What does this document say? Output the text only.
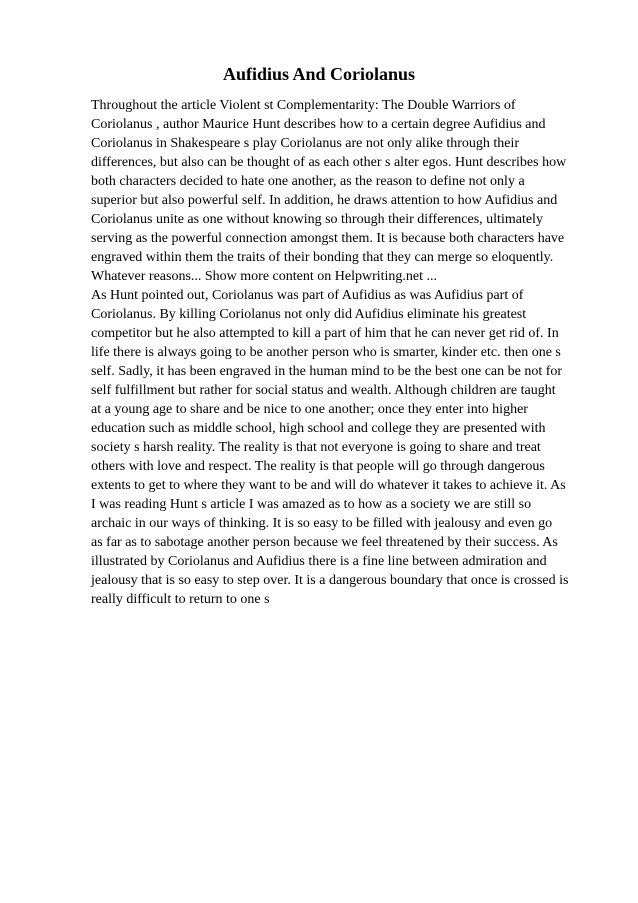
Aufidius And Coriolanus
Throughout the article Violent st Complementarity: The Double Warriors of
Coriolanus , author Maurice Hunt describes how to a certain degree Aufidius and
Coriolanus in Shakespeare s play Coriolanus are not only alike through their
differences, but also can be thought of as each other s alter egos. Hunt describes how
both characters decided to hate one another, as the reason to define not only a
superior but also powerful self. In addition, he draws attention to how Aufidius and
Coriolanus unite as one without knowing so through their differences, ultimately
serving as the powerful connection amongst them. It is because both characters have
engraved within them the traits of their bonding that they can merge so eloquently.
Whatever reasons... Show more content on Helpwriting.net ...
As Hunt pointed out, Coriolanus was part of Aufidius as was Aufidius part of
Coriolanus. By killing Coriolanus not only did Aufidius eliminate his greatest
competitor but he also attempted to kill a part of him that he can never get rid of. In
life there is always going to be another person who is smarter, kinder etc. then one s
self. Sadly, it has been engraved in the human mind to be the best one can be not for
self fulfillment but rather for social status and wealth. Although children are taught
at a young age to share and be nice to one another; once they enter into higher
education such as middle school, high school and college they are presented with
society s harsh reality. The reality is that not everyone is going to share and treat
others with love and respect. The reality is that people will go through dangerous
extents to get to where they want to be and will do whatever it takes to achieve it. As
I was reading Hunt s article I was amazed as to how as a society we are still so
archaic in our ways of thinking. It is so easy to be filled with jealousy and even go
as far as to sabotage another person because we feel threatened by their success. As
illustrated by Coriolanus and Aufidius there is a fine line between admiration and
jealousy that is so easy to step over. It is a dangerous boundary that once is crossed is
really difficult to return to one s
